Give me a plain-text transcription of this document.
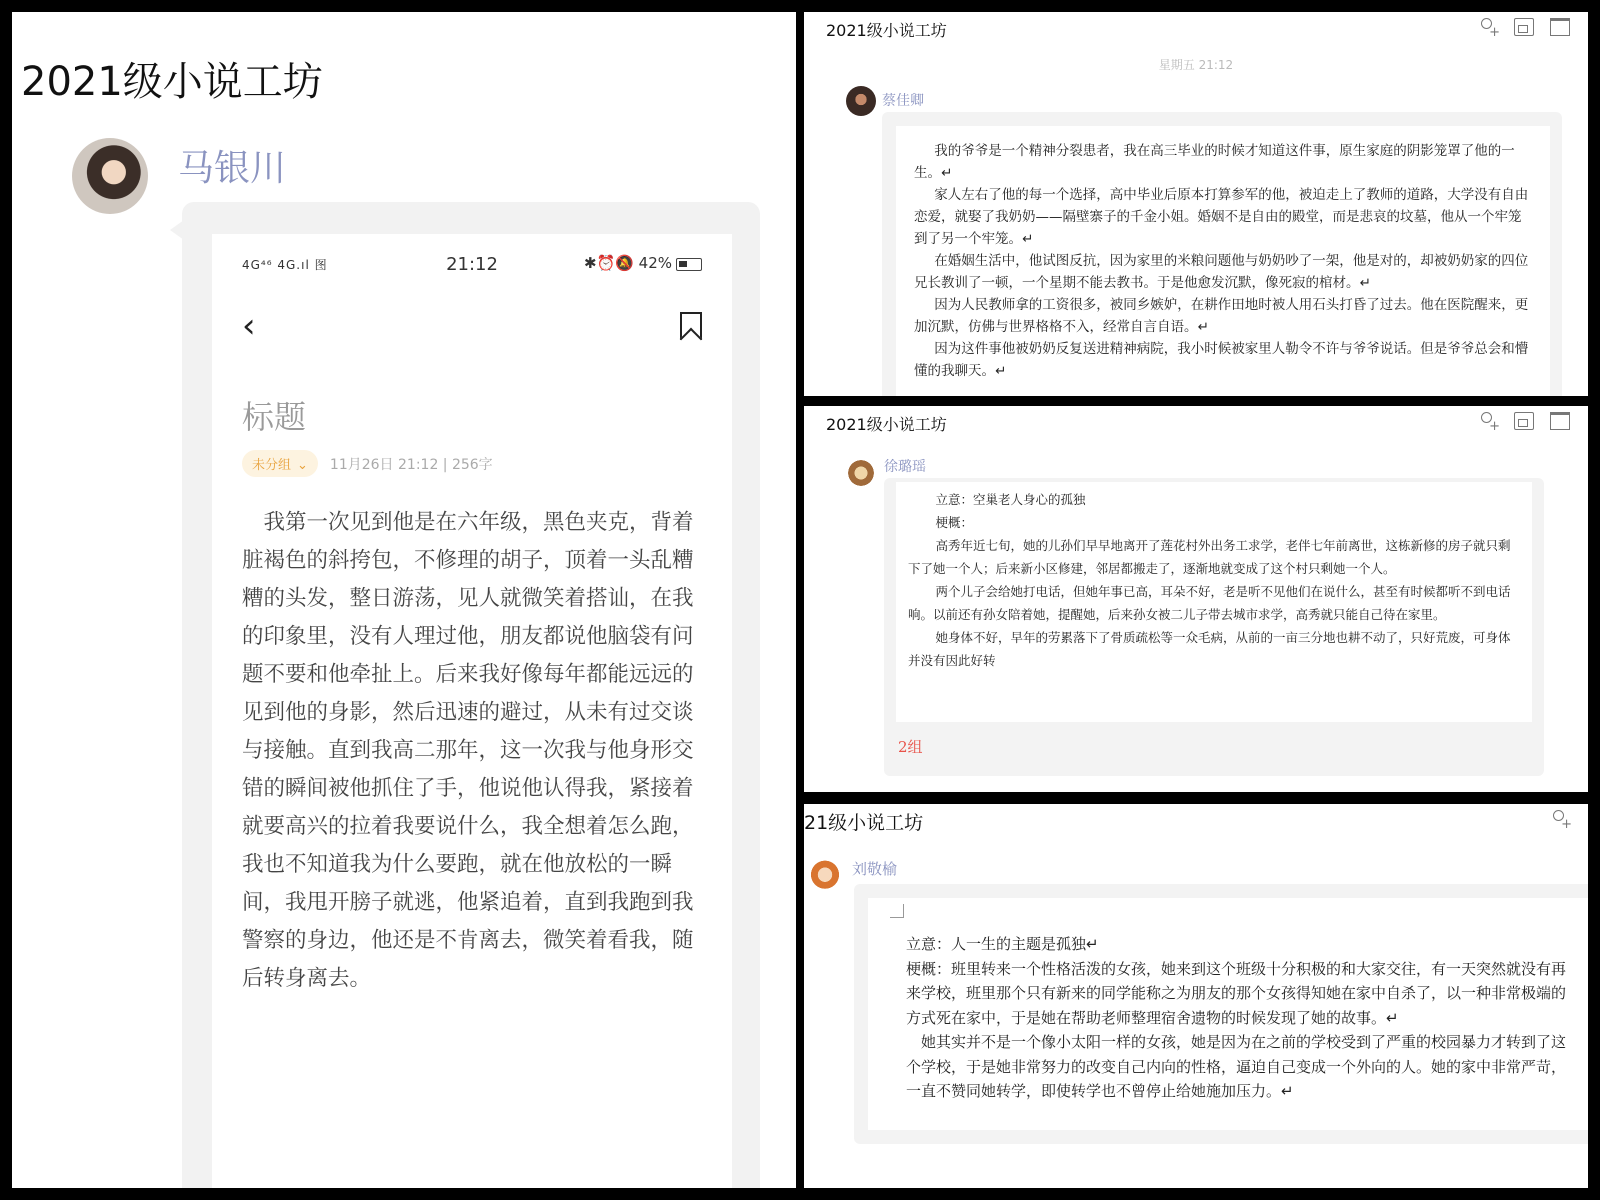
2021级小说工坊
马银川
4G⁴⁶ 4G.ıl 图	21:12	✱⏰🔕 42%
‹
标题
未分组 ⌄	11月26日 21:12 | 256字
我第一次见到他是在六年级，黑色夹克，背着脏褐色的斜挎包，不修理的胡子，顶着一头乱糟糟的头发，整日游荡，见人就微笑着搭讪，在我的印象里，没有人理过他，朋友都说他脑袋有问题不要和他牵扯上。后来我好像每年都能远远的见到他的身影，然后迅速的避过，从未有过交谈与接触。直到我高二那年，这一次我与他身形交错的瞬间被他抓住了手，他说他认得我，紧接着就要高兴的拉着我要说什么，我全想着怎么跑，我也不知道我为什么要跑，就在他放松的一瞬间，我甩开膀子就逃，他紧追着，直到我跑到我警察的身边，他还是不肯离去，微笑着看我，随后转身离去。
2021级小说工坊
+
星期五 21:12
蔡佳卿

我的爷爷是一个精神分裂患者，我在高三毕业的时候才知道这件事，原生家庭的阴影笼罩了他的一生。↵

家人左右了他的每一个选择，高中毕业后原本打算参军的他，被迫走上了教师的道路，大学没有自由恋爱，就娶了我奶奶——隔壁寨子的千金小姐。婚姻不是自由的殿堂，而是悲哀的坟墓，他从一个牢笼到了另一个牢笼。↵

在婚姻生活中，他试图反抗，因为家里的米粮问题他与奶奶吵了一架，他是对的，却被奶奶家的四位兄长教训了一顿，一个星期不能去教书。于是他愈发沉默，像死寂的棺材。↵

因为人民教师拿的工资很多，被同乡嫉妒，在耕作田地时被人用石头打昏了过去。他在医院醒来，更加沉默，仿佛与世界格格不入，经常自言自语。↵

因为这件事他被奶奶反复送进精神病院，我小时候被家里人勒令不许与爷爷说话。但是爷爷总会和懵懂的我聊天。↵

2021级小说工坊
+
徐璐瑶

立意：空巢老人身心的孤独

梗概：

高秀年近七旬，她的儿孙们早早地离开了莲花村外出务工求学，老伴七年前离世，这栋新修的房子就只剩下了她一个人；后来新小区修建，邻居都搬走了，逐渐地就变成了这个村只剩她一个人。

两个儿子会给她打电话，但她年事已高，耳朵不好，老是听不见他们在说什么，甚至有时候都听不到电话响。以前还有孙女陪着她，提醒她，后来孙女被二儿子带去城市求学，高秀就只能自己待在家里。

她身体不好，早年的劳累落下了骨质疏松等一众毛病，从前的一亩三分地也耕不动了，只好荒废，可身体并没有因此好转

2组
21级小说工坊
+
刘敬榆

立意：人一生的主题是孤独↵

梗概：班里转来一个性格活泼的女孩，她来到这个班级十分积极的和大家交往，有一天突然就没有再来学校，班里那个只有新来的同学能称之为朋友的那个女孩得知她在家中自杀了，以一种非常极端的方式死在家中，于是她在帮助老师整理宿舍遗物的时候发现了她的故事。↵

她其实并不是一个像小太阳一样的女孩，她是因为在之前的学校受到了严重的校园暴力才转到了这个学校，于是她非常努力的改变自己内向的性格，逼迫自己变成一个外向的人。她的家中非常严苛，一直不赞同她转学，即使转学也不曾停止给她施加压力。↵
